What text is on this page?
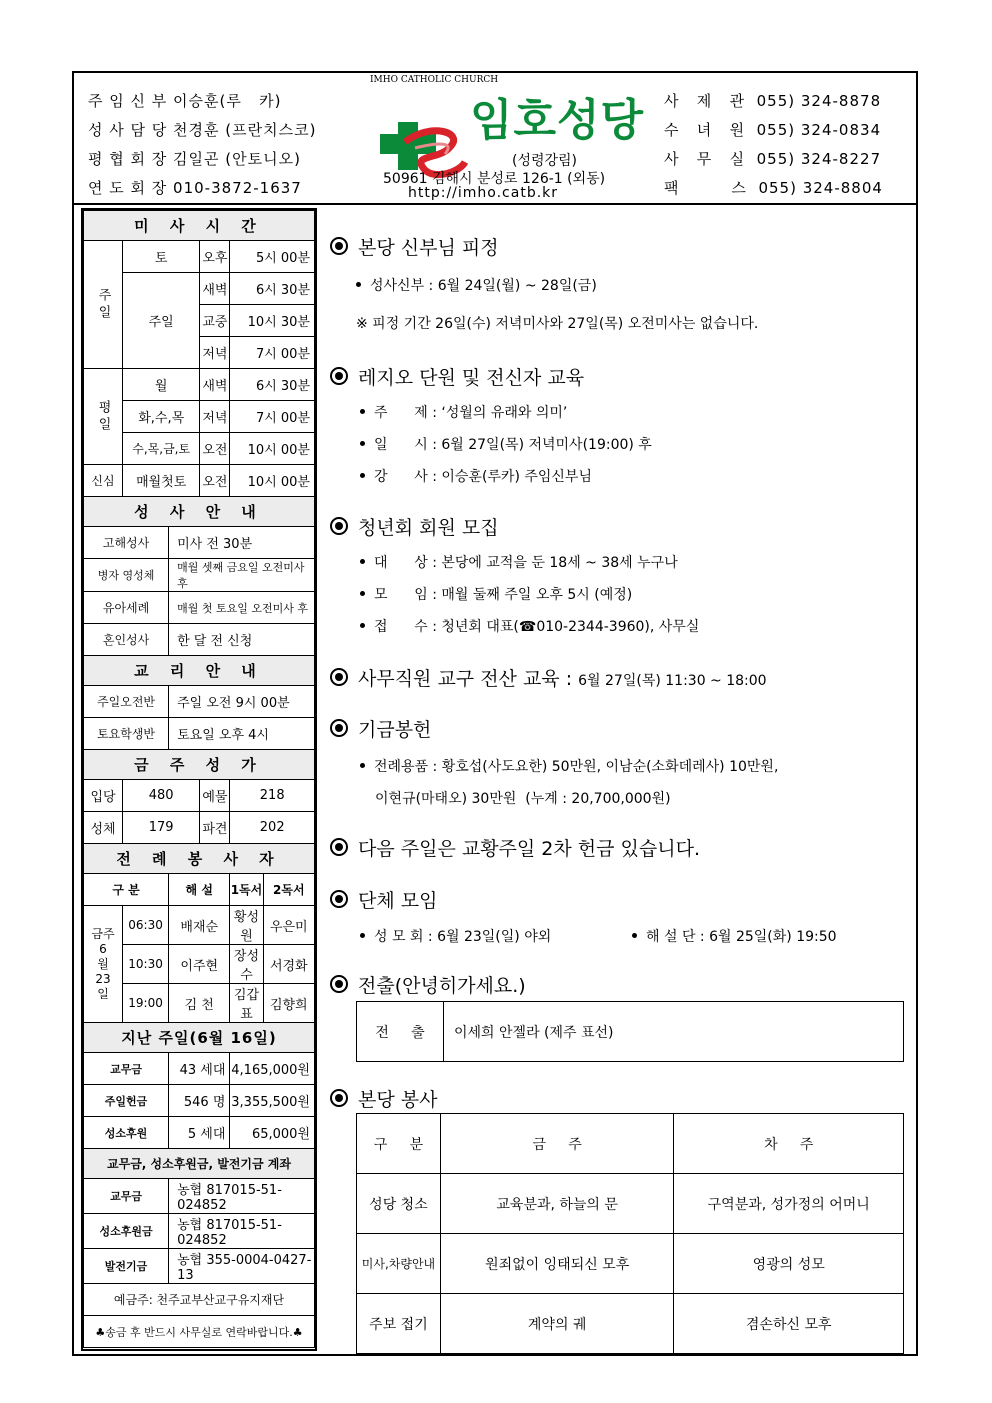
주 임 신 부 이승훈(루   카)
성 사 담 당 천경훈 (프란치스코)
평 협 회 장 김일곤 (안토니오)
연 도 회 장 010-3872-1637
IMHO CATHOLIC CHURCH
임호성당
(성령강림)
50961 김해시 분성로 126-1 (외동)
http://imho.catb.kr
사   제   관 055) 324-8878
수   녀   원 055) 324-0834
사   무   실 055) 324-8227
팩         스 055) 324-8804
미 사 시 간					
주일	토		오후	5시 00분	
	주일		새벽	6시 30분	
			교중	10시 30분	
			저녁	7시 00분	
평일	월		새벽	6시 30분	
	화,수,목		저녁	7시 00분	
	수,목,금,토		오전	10시 00분	
신심	매월첫토		오전	10시 00분	
성 사 안 내					
고해성사		미사 전 30분			
병자 영성체		매월 셋째 금요일 오전미사 후			
유아세례		매월 첫 토요일 오전미사 후			
혼인성사		한 달 전 신청			
교 리 안 내					
주일오전반		주일 오전 9시 00분			
토요학생반		토요일 오후 4시			
금 주 성 가					
입당	480		예물	218	
성체	179		파견	202	
전 례 봉 사 자					
구 분		해 설		1독서	2독서
금주
6
월
23
일	06:30	배재순		황성원	우은미
	10:30	이주현		장성수	서경화
	19:00	김 천		김갑표	김향희
지난 주일(6월 16일)					
교무금		43 세대		4,165,000원	
주일헌금		546 명		3,355,500원	
성소후원		5 세대		65,000원	
교무금, 성소후원금, 발전기금 계좌					
교무금		농협 817015-51-024852			
성소후원금		농협 817015-51-024852			
발전기금		농협 355-0004-0427-13			
예금주: 천주교부산교구유지재단					
♣송금 후 반드시 사무실로 연락바랍니다.♣					
본당 신부님 피정
성사신부 : 6월 24일(월) ~ 28일(금)
※ 피정 기간 26일(수) 저녁미사와 27일(목) 오전미사는 없습니다.
레지오 단원 및 전신자 교육
주      제 : ‘성월의 유래와 의미’
일      시 : 6월 27일(목) 저녁미사(19:00) 후
강      사 : 이승훈(루카) 주임신부님
청년회 회원 모집
대      상 : 본당에 교적을 둔 18세 ~ 38세 누구나
모      임 : 매월 둘째 주일 오후 5시 (예정)
접      수 : 청년회 대표(☎010-2344-3960), 사무실
사무직원 교구 전산 교육 : 6월 27일(목) 11:30 ~ 18:00
기금봉헌
전례용품 : 황호섭(사도요한) 50만원, 이남순(소화데레사) 10만원,
이현규(마태오) 30만원  (누계 : 20,700,000원)
다음 주일은 교황주일 2차 헌금 있습니다.
단체 모임
성 모 회 : 6월 23일(일) 야외	해 설 단 : 6월 25일(화) 19:50
전출(안녕히가세요.)
전     출	이세희 안젤라 (제주 표선)
본당 봉사
구     분	금     주	차     주
성당 청소	교육분과, 하늘의 문	구역분과, 성가정의 어머니
미사,차량안내	원죄없이 잉태되신 모후	영광의 성모
주보 접기	계약의 궤	겸손하신 모후
